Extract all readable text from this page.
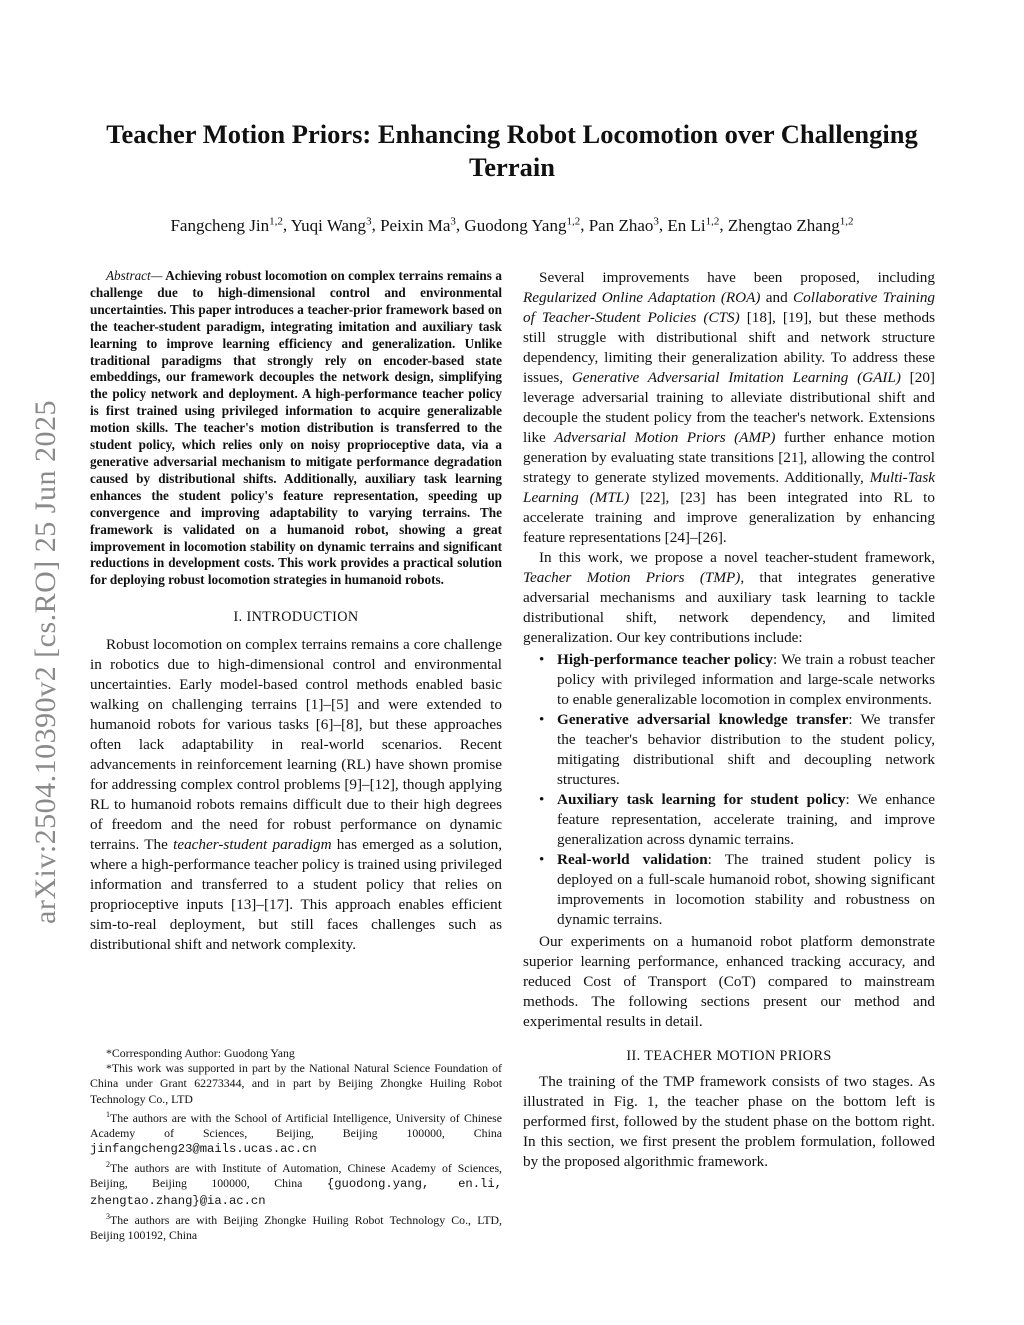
arXiv:2504.10390v2 [cs.RO] 25 Jun 2025
Teacher Motion Priors: Enhancing Robot Locomotion over Challenging Terrain
Fangcheng Jin$^{1,2}$, Yuqi Wang$^3$, Peixin Ma$^3$, Guodong Yang$^{1,2}$, Pan Zhao$^3$, En Li$^{1,2}$, Zhengtao Zhang$^{1,2}$

Abstract— Achieving robust locomotion on complex terrains remains a challenge due to high-dimensional control and environmental uncertainties. This paper introduces a teacher-prior framework based on the teacher-student paradigm, integrating imitation and auxiliary task learning to improve learning efficiency and generalization. Unlike traditional paradigms that strongly rely on encoder-based state embeddings, our framework decouples the network design, simplifying the policy network and deployment. A high-performance teacher policy is first trained using privileged information to acquire generalizable motion skills. The teacher's motion distribution is transferred to the student policy, which relies only on noisy proprioceptive data, via a generative adversarial mechanism to mitigate performance degradation caused by distributional shifts. Additionally, auxiliary task learning enhances the student policy's feature representation, speeding up convergence and improving adaptability to varying terrains. The framework is validated on a humanoid robot, showing a great improvement in locomotion stability on dynamic terrains and significant reductions in development costs. This work provides a practical solution for deploying robust locomotion strategies in humanoid robots.

I. INTRODUCTION

Robust locomotion on complex terrains remains a core challenge in robotics due to high-dimensional control and environmental uncertainties. Early model-based control methods enabled basic walking on challenging terrains [1]–[5] and were extended to humanoid robots for various tasks [6]–[8], but these approaches often lack adaptability in real-world scenarios. Recent advancements in reinforcement learning (RL) have shown promise for addressing complex control problems [9]–[12], though applying RL to humanoid robots remains difficult due to their high degrees of freedom and the need for robust performance on dynamic terrains. The teacher-student paradigm has emerged as a solution, where a high-performance teacher policy is trained using privileged information and transferred to a student policy that relies on proprioceptive inputs [13]–[17]. This approach enables efficient sim-to-real deployment, but still faces challenges such as distributional shift and network complexity.

*Corresponding Author: Guodong Yang

*This work was supported in part by the National Natural Science Foundation of China under Grant 62273344, and in part by Beijing Zhongke Huiling Robot Technology Co., LTD

$^1$The authors are with the School of Artificial Intelligence, University of Chinese Academy of Sciences, Beijing, Beijing 100000, China jinfangcheng23@mails.ucas.ac.cn

$^2$The authors are with Institute of Automation, Chinese Academy of Sciences, Beijing, Beijing 100000, China {guodong.yang, en.li, zhengtao.zhang}@ia.ac.cn

$^3$The authors are with Beijing Zhongke Huiling Robot Technology Co., LTD, Beijing 100192, China

Several improvements have been proposed, including Regularized Online Adaptation (ROA) and Collaborative Training of Teacher-Student Policies (CTS) [18], [19], but these methods still struggle with distributional shift and network structure dependency, limiting their generalization ability. To address these issues, Generative Adversarial Imitation Learning (GAIL) [20] leverage adversarial training to alleviate distributional shift and decouple the student policy from the teacher's network. Extensions like Adversarial Motion Priors (AMP) further enhance motion generation by evaluating state transitions [21], allowing the control strategy to generate stylized movements. Additionally, Multi-Task Learning (MTL) [22], [23] has been integrated into RL to accelerate training and improve generalization by enhancing feature representations [24]–[26].

In this work, we propose a novel teacher-student framework, Teacher Motion Priors (TMP), that integrates generative adversarial mechanisms and auxiliary task learning to tackle distributional shift, network dependency, and limited generalization. Our key contributions include:

• High-performance teacher policy: We train a robust teacher policy with privileged information and large-scale networks to enable generalizable locomotion in complex environments.
• Generative adversarial knowledge transfer: We transfer the teacher's behavior distribution to the student policy, mitigating distributional shift and decoupling network structures.
• Auxiliary task learning for student policy: We enhance feature representation, accelerate training, and improve generalization across dynamic terrains.
• Real-world validation: The trained student policy is deployed on a full-scale humanoid robot, showing significant improvements in locomotion stability and robustness on dynamic terrains.

Our experiments on a humanoid robot platform demonstrate superior learning performance, enhanced tracking accuracy, and reduced Cost of Transport (CoT) compared to mainstream methods. The following sections present our method and experimental results in detail.

II. TEACHER MOTION PRIORS

The training of the TMP framework consists of two stages. As illustrated in Fig. 1, the teacher phase on the bottom left is performed first, followed by the student phase on the bottom right. In this section, we first present the problem formulation, followed by the proposed algorithmic framework.
